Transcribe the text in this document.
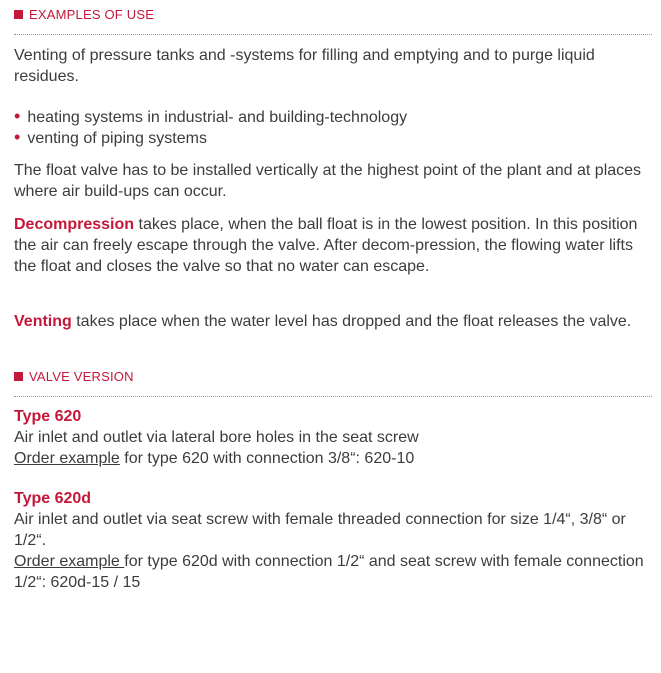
EXAMPLES OF USE

Venting of pressure tanks and -systems for filling and emptying and to purge liquid residues.

• heating systems in industrial- and building-technology
• venting of piping systems

The float valve has to be installed vertically at the highest point of the plant and at places where air build-ups can occur.

Decompression takes place, when the ball float is in the lowest position. In this position the air can freely escape through the valve. After decom-pression, the flowing water lifts the float and closes the valve so that no water can escape.

Venting takes place when the water level has dropped and the float releases the valve.

VALVE VERSION
Type 620

Air inlet and outlet via lateral bore holes in the seat screw

Order example for type 620 with connection 3/8“: 620-10

Type 620d

Air inlet and outlet via seat screw with female threaded connection for size 1/4“, 3/8“ or 1/2“.

Order example for type 620d with connection 1/2“ and seat screw with female connection 1/2“: 620d-15 / 15
